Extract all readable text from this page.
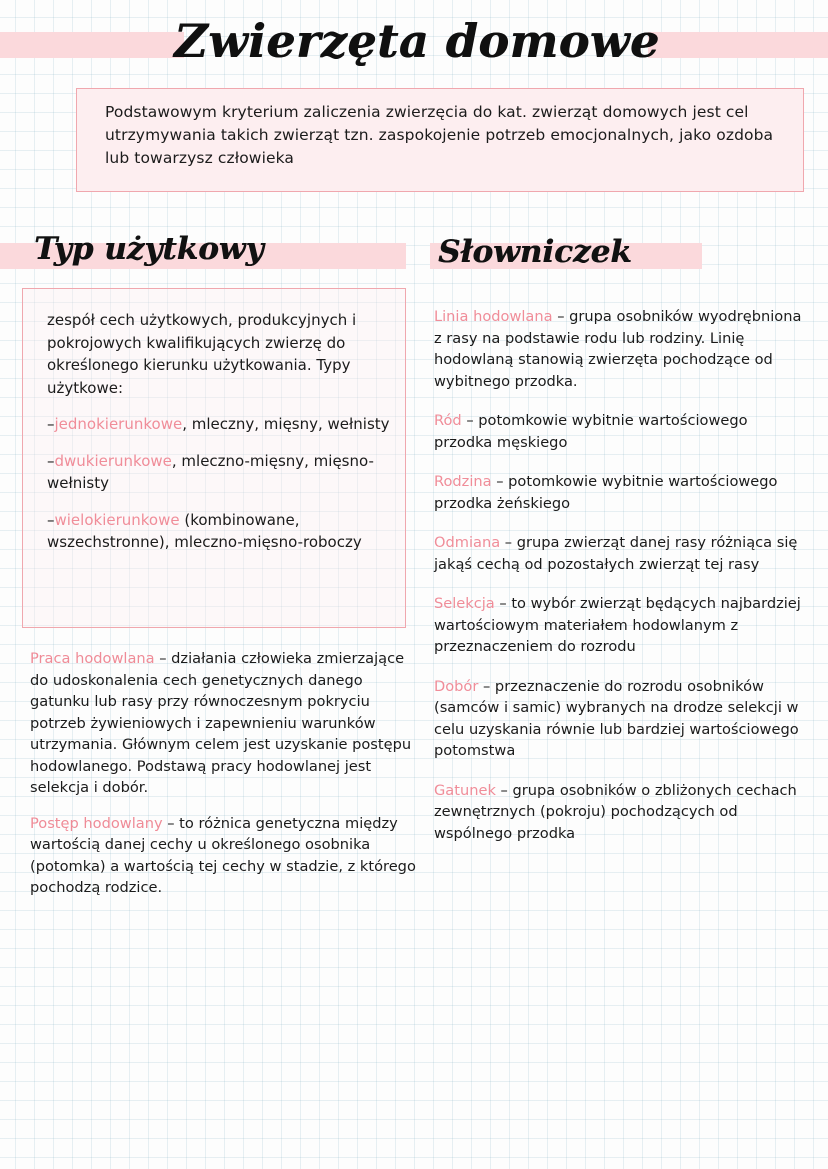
Zwierzęta domowe

Podstawowym kryterium zaliczenia zwierzęcia do kat. zwierząt domowych jest cel utrzymywania takich zwierząt tzn. zaspokojenie potrzeb emocjonalnych, jako ozdoba lub towarzysz człowieka

Typ użytkowy	Słowniczek

zespół cech użytkowych, produkcyjnych i pokrojowych kwalifikujących zwierzę do określonego kierunku użytkowania. Typy użytkowe:

–jednokierunkowe, mleczny, mięsny, wełnisty

–dwukierunkowe, mleczno-mięsny, mięsno-wełnisty

–wielokierunkowe (kombinowane, wszechstronne), mleczno-mięsno-roboczy

Praca hodowlana – działania człowieka zmierzające do udoskonalenia cech genetycznych danego gatunku lub rasy przy równoczesnym pokryciu potrzeb żywieniowych i zapewnieniu warunków utrzymania. Głównym celem jest uzyskanie postępu hodowlanego. Podstawą pracy hodowlanej jest selekcja i dobór.

Postęp hodowlany – to różnica genetyczna między wartością danej cechy u określonego osobnika (potomka) a wartością tej cechy w stadzie, z którego pochodzą rodzice.

Linia hodowlana – grupa osobników wyodrębniona z rasy na podstawie rodu lub rodziny. Linię hodowlaną stanowią zwierzęta pochodzące od wybitnego przodka.

Ród – potomkowie wybitnie wartościowego przodka męskiego

Rodzina – potomkowie wybitnie wartościowego przodka żeńskiego

Odmiana – grupa zwierząt danej rasy różniąca się jakąś cechą od pozostałych zwierząt tej rasy

Selekcja – to wybór zwierząt będących najbardziej wartościowym materiałem hodowlanym z przeznaczeniem do rozrodu

Dobór – przeznaczenie do rozrodu osobników (samców i samic) wybranych na drodze selekcji w celu uzyskania równie lub bardziej wartościowego potomstwa

Gatunek – grupa osobników o zbliżonych cechach zewnętrznych (pokroju) pochodzących od wspólnego przodka
